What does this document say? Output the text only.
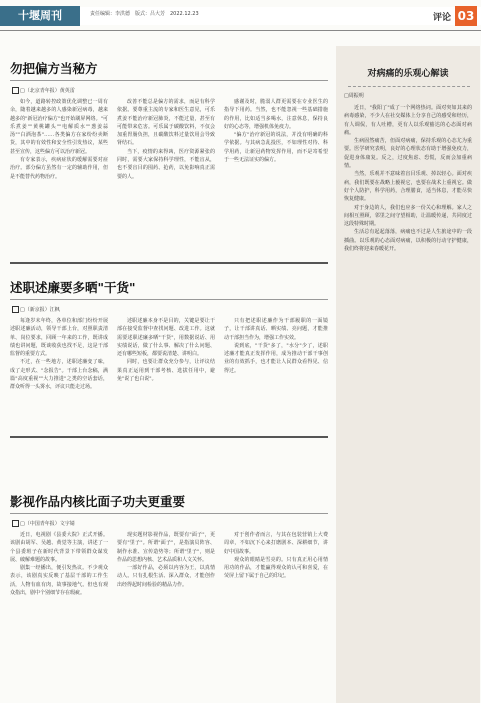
十堰周刊	责任编辑：李洪德　版式：吕大芳　2022.12.23	评论 03
勿把偏方当秘方
□（北京青年报）黄英雷

如今，道路转控政策优化调整已一周有余，随着越来越多的人感染新冠病毒，越来越多的"新冠治疗偏方"也开始刷屏网络。"可乐煮姜""黄桃罐头""电解质水""葱姜蒜汤""白酒泡茶"……各类偏方在家纷纷卖断货，其中的有效性和安全性引发热议，某些甚至宣传，这些偏方可以治疗新冠。

有专家表示，疾病症状的缓解需要对症治疗。部分偏方虽然有一定的辅助作用，但是不能替代药物治疗。

改善不能总是偏方的需求，而是有科学依据。要尊重主流的专家和医生意见，可乐煮姜不能治疗新冠肺炎，不能过量，甚至有可能带来危害。可乐属于碳酸饮料，不仅会加重胃肠负担，且碳酸饮料过量饮用会导致肾结石。

当下，疫情的来得凶，医疗资源紧张的同时，需要大家保持科学理性，不能盲从，也不要盲目的囤药、抢药，以免影响真正需要的人。

感谢及时，脆弱人群更需要在专业医生的指导下用药。当然，也不能忽视一些基础措施的作用，比如适当多喝水，注意休息，保持良好的心态等，增强机体免疫力。

"偏方"治疗新冠的说法，并没有明确的科学依据。与其病急乱投医，不如理性对待、科学用药，让新冠药物发挥作用，而不是寄希望于一些无法证实的偏方。

述职述廉要多晒"干货"
□（新京报）江枫

每逢岁末年终，各单位和部门纷纷开展述职述廉活动，领导干部上台，对照职责清单、岗位要求，回顾一年来的工作，既讲成绩也讲问题，既谈收获也找不足，这是干部监督的重要方式。

不过，在一些地方，述职述廉变了味，成了走形式、"念报告"。干部上台念稿，满篇"高度重视""大力推进"之类的空话套话，群众听得一头雾水，评议只能走过场。

述职述廉本身不是目的，关键是要让干部在接受监督中查找问题、改进工作。这就需要述职述廉多晒"干货"，用数据说话、用实绩说话，做了什么事、解决了什么问题、还有哪些短板，都要说清楚、讲明白。

同时，也要让群众充分参与，让评议结果真正运用到干部考核、选拔任用中，避免"说了也白说"。

只有把述职述廉作为干部履职的一面镜子，让干部讲真话、晒实绩、亮问题，才能推动干部担当作为，增强工作实效。

说到底，"干货"多了，"水分"少了，述职述廉才能真正发挥作用，成为推动干部干事创业的有效抓手，也才能让人民群众看得见、信得过。

影视作品内核比面子功夫更重要
□（中国青年报）文宇婧

近日，电视剧《县委大院》正式开播。该剧由胡军、吴越、黄觉等主演，讲述了一个县委班子在新时代背景下带领群众谋发展、破解难题的故事。

剧集一经播出，便引发热议。不少观众表示，该剧真实反映了基层干部的工作生活，人物有血有肉，故事接地气。但也有观众指出，剧中个别细节存在瑕疵。

现实题材影视作品，既要有"面子"，更要有"里子"。所谓"面子"，是指演员阵容、制作水准、宣传造势等；所谓"里子"，则是作品的思想内核、艺术品质和人文关怀。

一部好作品，必须以内容为王，以真情动人。只有扎根生活、深入群众，才能创作出经得起时间检验的精品力作。

对于创作者而言，与其在包装营销上大费周章，不如沉下心来打磨剧本、深耕细节，讲好中国故事。

观众的眼睛是雪亮的。只有真正用心用情用功的作品，才能赢得观众的认可和喜爱，在荧屏上留下属于自己的印记。

对病痛的乐观心解读
□周振明

近日，"我阳了"成了一个网络热词。面对突如其来的病毒感染，不少人在社交媒体上分享自己的感受和经历，有人调侃，有人吐槽，更有人以乐观豁达的心态面对病痛。

生病固然痛苦，但面对病痛，保持乐观的心态尤为重要。医学研究表明，良好的心理状态有助于增强免疫力，促进身体康复。反之，过度焦虑、恐慌，反而会加重病情。

当然，乐观并不意味着盲目乐观、掉以轻心。面对疾病，我们既要在战略上藐视它，也要在战术上重视它。做好个人防护，科学用药，合理膳食，适当休息，才能尽快恢复健康。

对于身边的人，我们也应多一份关心和理解。家人之间相互照顾，邻里之间守望相助，让温暖传递，共同度过这段特殊时期。

生活总有起起落落，病痛也不过是人生旅途中的一段插曲。以乐观的心态面对病痛，以积极的行动守护健康，我们终将迎来春暖花开。
